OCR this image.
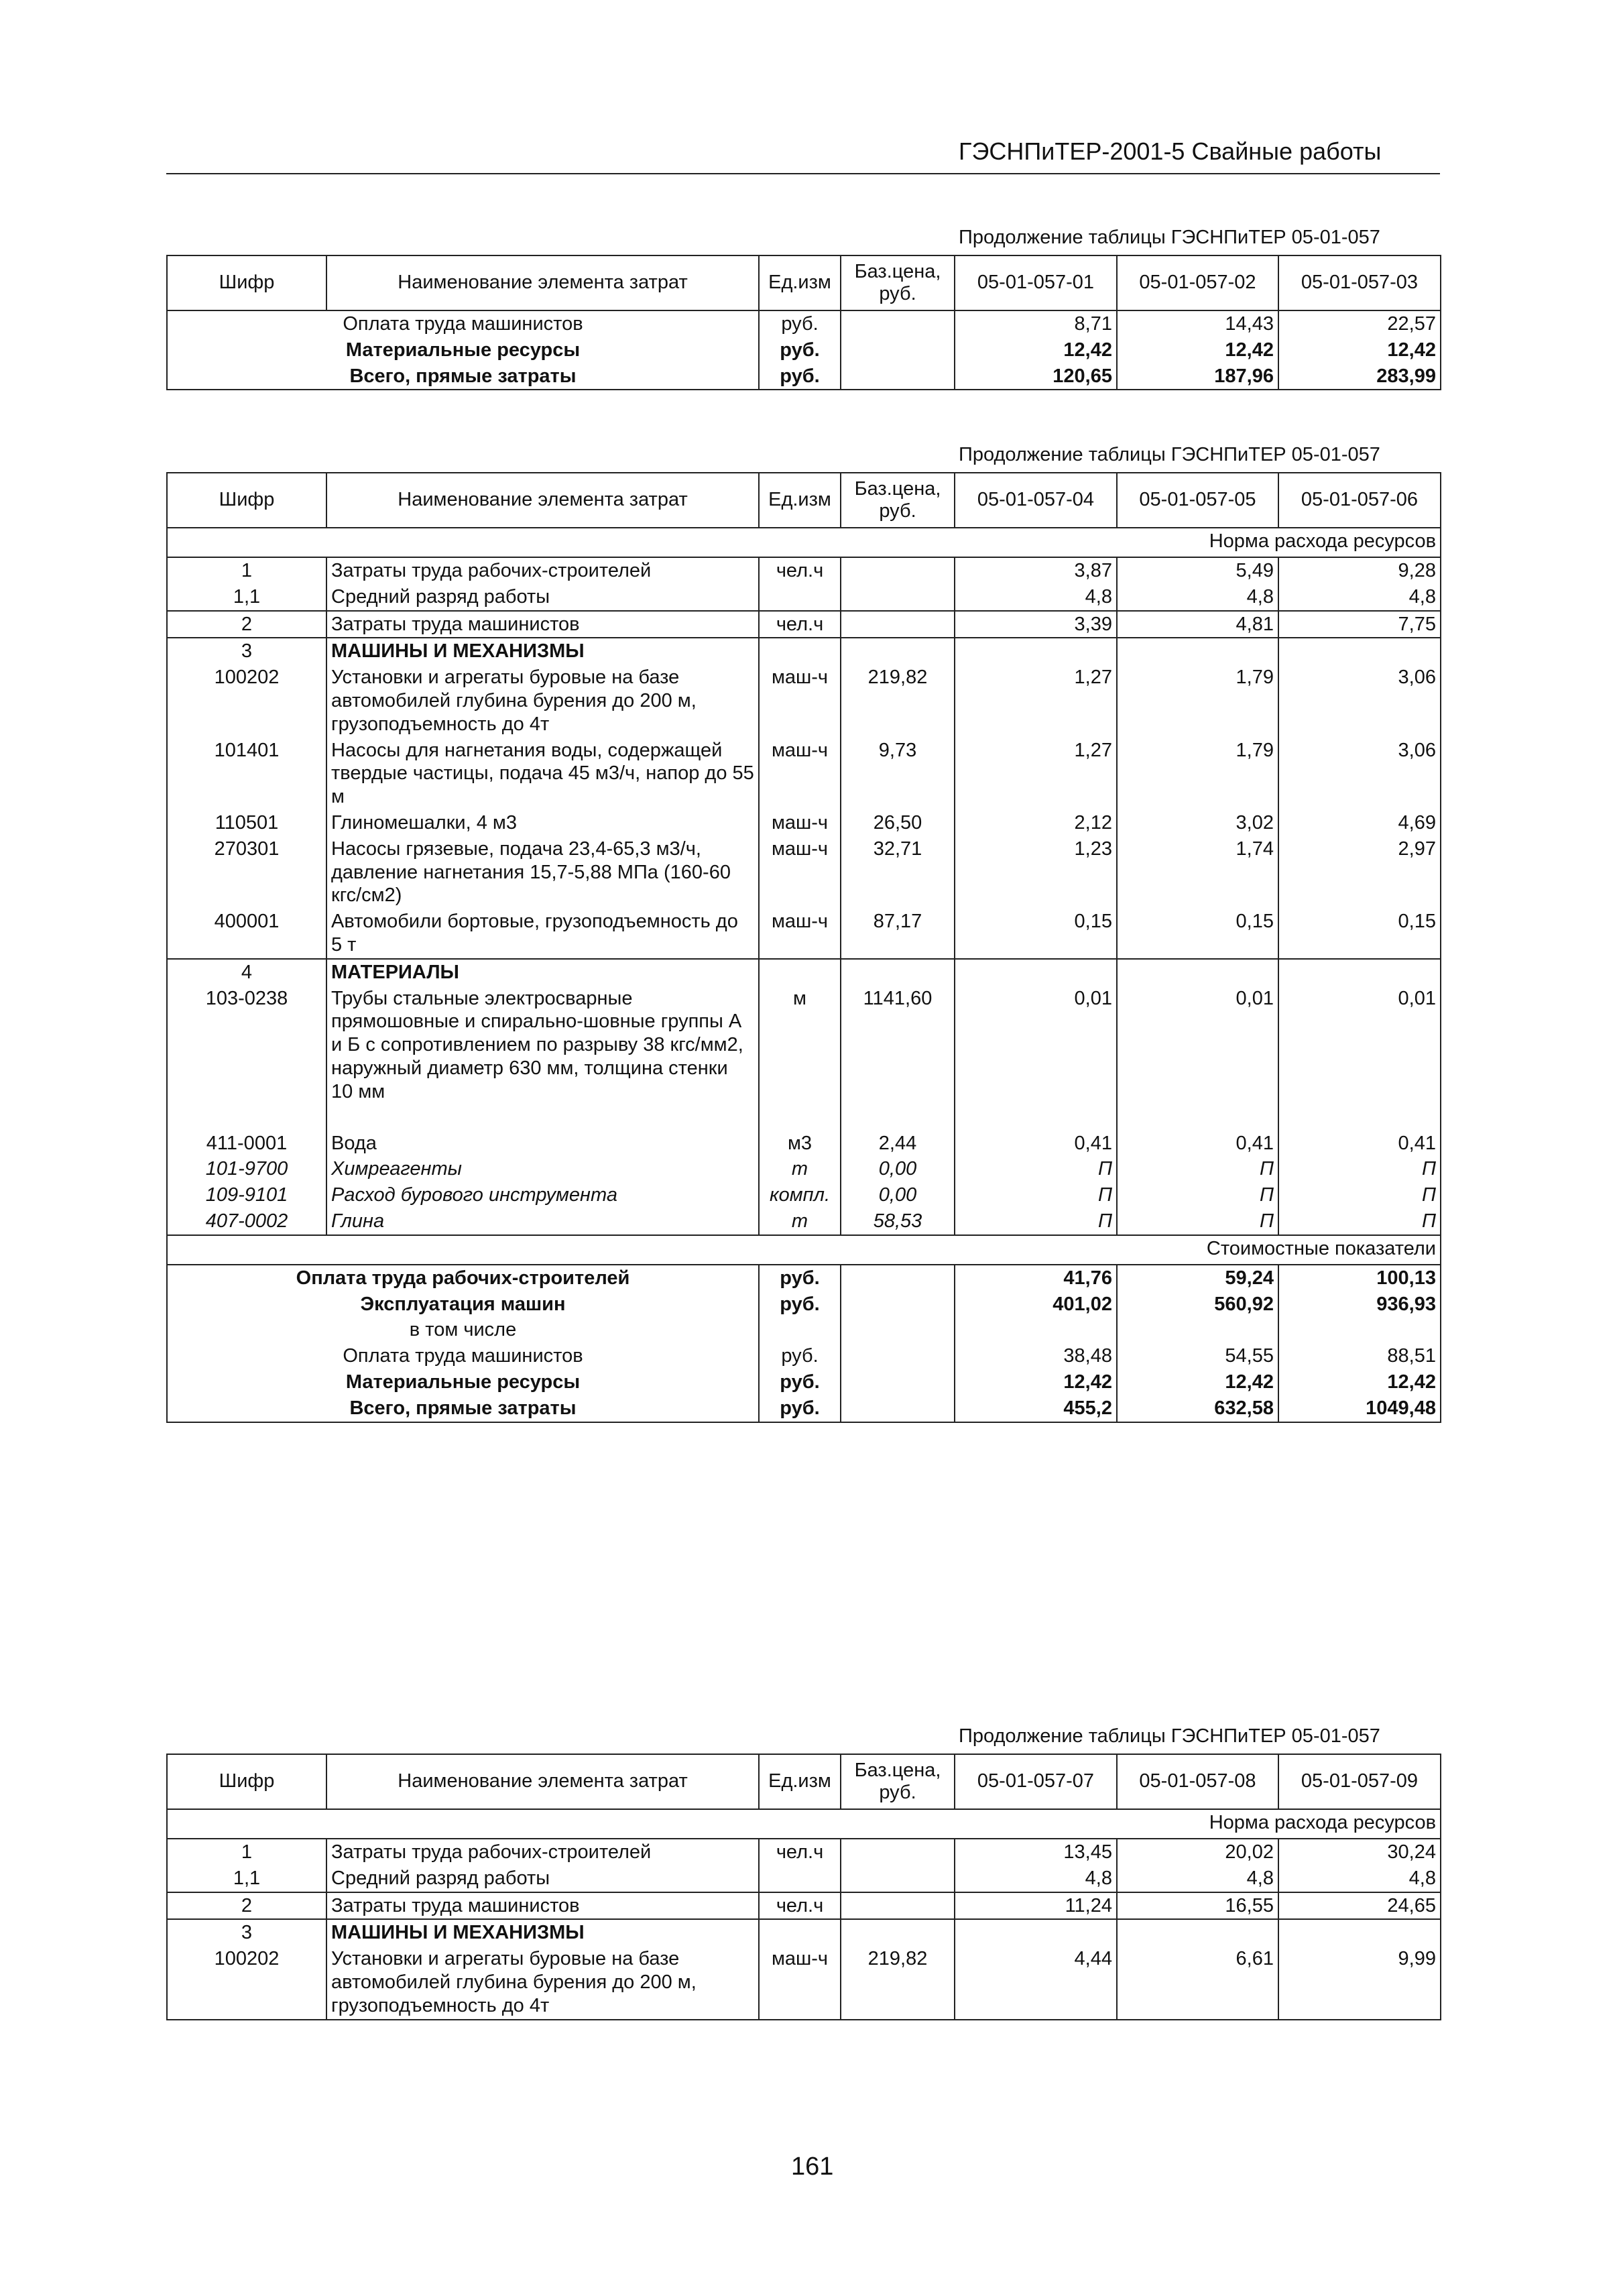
ГЭСНПиТЕР-2001-5 Свайные работы
Продолжение таблицы ГЭСНПиТЕР 05-01-057
Шифр	Наименование элемента затрат	Ед.изм	Баз.цена, руб.	05-01-057-01	05-01-057-02	05-01-057-03
Оплата труда машинистов		руб.		8,71	14,43	22,57
Материальные ресурсы		руб.		12,42	12,42	12,42
Всего, прямые затраты		руб.		120,65	187,96	283,99
Продолжение таблицы ГЭСНПиТЕР 05-01-057
Шифр	Наименование элемента затрат	Ед.изм	Баз.цена, руб.	05-01-057-04	05-01-057-05	05-01-057-06
Норма расхода ресурсов						
1	Затраты труда рабочих-строителей	чел.ч		3,87	5,49	9,28
1,1	Средний разряд работы			4,8	4,8	4,8
2	Затраты труда машинистов	чел.ч		3,39	4,81	7,75
3	МАШИНЫ И МЕХАНИЗМЫ					
100202	Установки и агрегаты буровые на базе автомобилей глубина бурения до 200 м, грузоподъемность до 4т	маш-ч	219,82	1,27	1,79	3,06
101401	Насосы для нагнетания воды, содержащей твердые частицы, подача 45 м3/ч, напор до 55 м	маш-ч	9,73	1,27	1,79	3,06
110501	Глиномешалки, 4 м3	маш-ч	26,50	2,12	3,02	4,69
270301	Насосы грязевые, подача 23,4-65,3 м3/ч, давление нагнетания 15,7-5,88 МПа (160-60 кгс/см2)	маш-ч	32,71	1,23	1,74	2,97
400001	Автомобили бортовые, грузоподъемность до 5 т	маш-ч	87,17	0,15	0,15	0,15
4	МАТЕРИАЛЫ					
103-0238	Трубы стальные электросварные прямошовные и спирально-шовные группы А и Б с сопротивлением по разрыву 38 кгс/мм2, наружный диаметр 630 мм, толщина стенки 10 мм	м	1141,60	0,01	0,01	0,01
411-0001	Вода	м3	2,44	0,41	0,41	0,41
101-9700	Химреагенты	т	0,00	П	П	П
109-9101	Расход бурового инструмента	компл.	0,00	П	П	П
407-0002	Глина	т	58,53	П	П	П
Стоимостные показатели						
Оплата труда рабочих-строителей		руб.		41,76	59,24	100,13
Эксплуатация машин		руб.		401,02	560,92	936,93
в том числе						
Оплата труда машинистов		руб.		38,48	54,55	88,51
Материальные ресурсы		руб.		12,42	12,42	12,42
Всего, прямые затраты		руб.		455,2	632,58	1049,48
Продолжение таблицы ГЭСНПиТЕР 05-01-057
Шифр	Наименование элемента затрат	Ед.изм	Баз.цена, руб.	05-01-057-07	05-01-057-08	05-01-057-09
Норма расхода ресурсов						
1	Затраты труда рабочих-строителей	чел.ч		13,45	20,02	30,24
1,1	Средний разряд работы			4,8	4,8	4,8
2	Затраты труда машинистов	чел.ч		11,24	16,55	24,65
3	МАШИНЫ И МЕХАНИЗМЫ					
100202	Установки и агрегаты буровые на базе автомобилей глубина бурения до 200 м, грузоподъемность до 4т	маш-ч	219,82	4,44	6,61	9,99
161
